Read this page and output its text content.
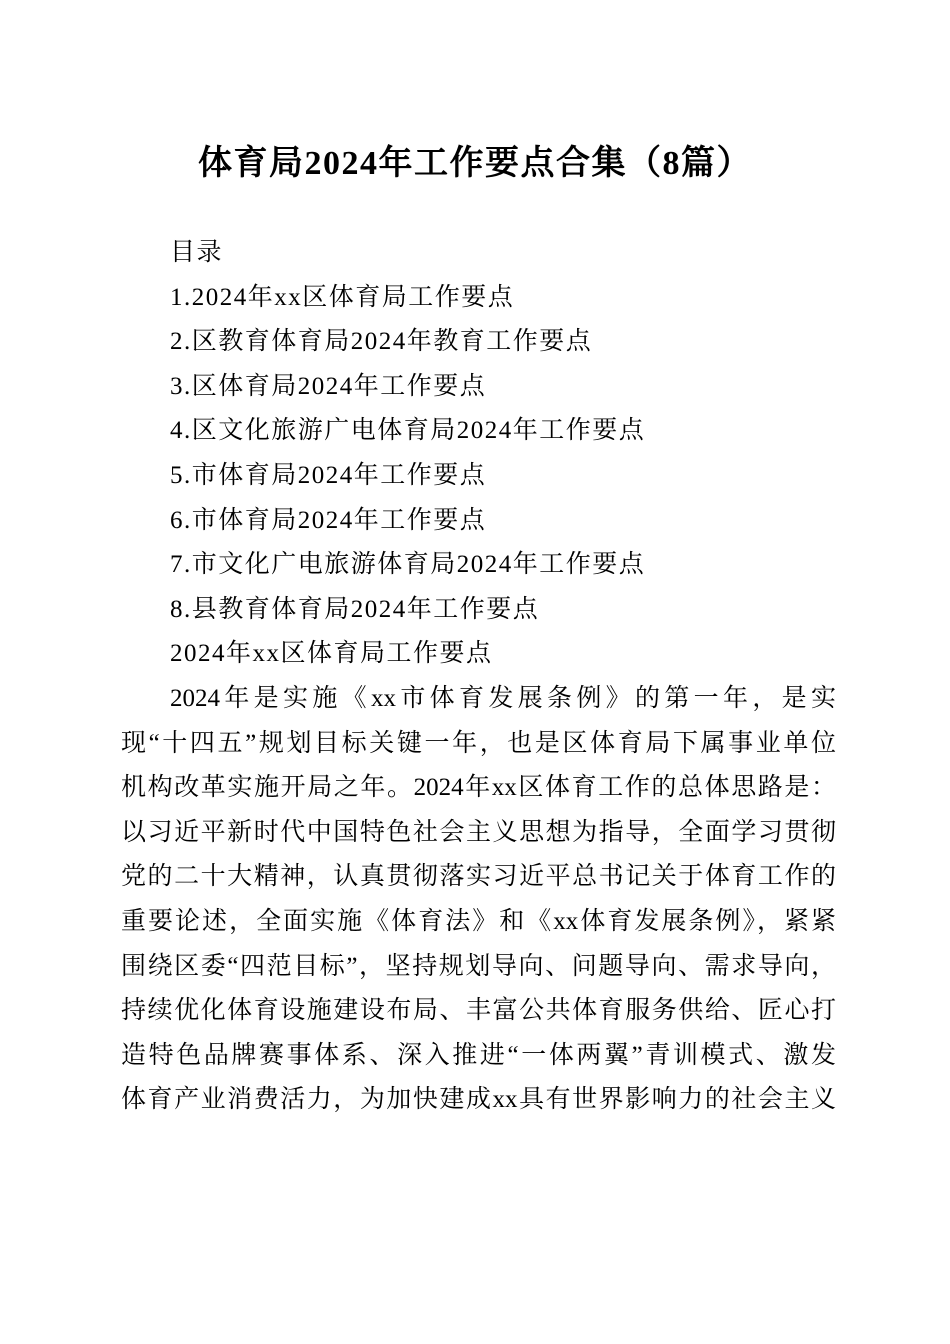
体育局2024年工作要点合集（8篇）
目录
1.2024年xx区体育局工作要点
2.区教育体育局2024年教育工作要点
3.区体育局2024年工作要点
4.区文化旅游广电体育局2024年工作要点
5.市体育局2024年工作要点
6.市体育局2024年工作要点
7.市文化广电旅游体育局2024年工作要点
8.县教育体育局2024年工作要点
2024年xx区体育局工作要点
2024年是实施《xx市体育发展条例》的第一年，是实
现“十四五”规划目标关键一年，也是区体育局下属事业单位
机构改革实施开局之年。2024年xx区体育工作的总体思路是：
以习近平新时代中国特色社会主义思想为指导，全面学习贯彻
党的二十大精神，认真贯彻落实习近平总书记关于体育工作的
重要论述，全面实施《体育法》和《xx体育发展条例》，紧紧
围绕区委“四范目标”，坚持规划导向、问题导向、需求导向，
持续优化体育设施建设布局、丰富公共体育服务供给、匠心打
造特色品牌赛事体系、深入推进“一体两翼”青训模式、激发
体育产业消费活力，为加快建成xx具有世界影响力的社会主义
